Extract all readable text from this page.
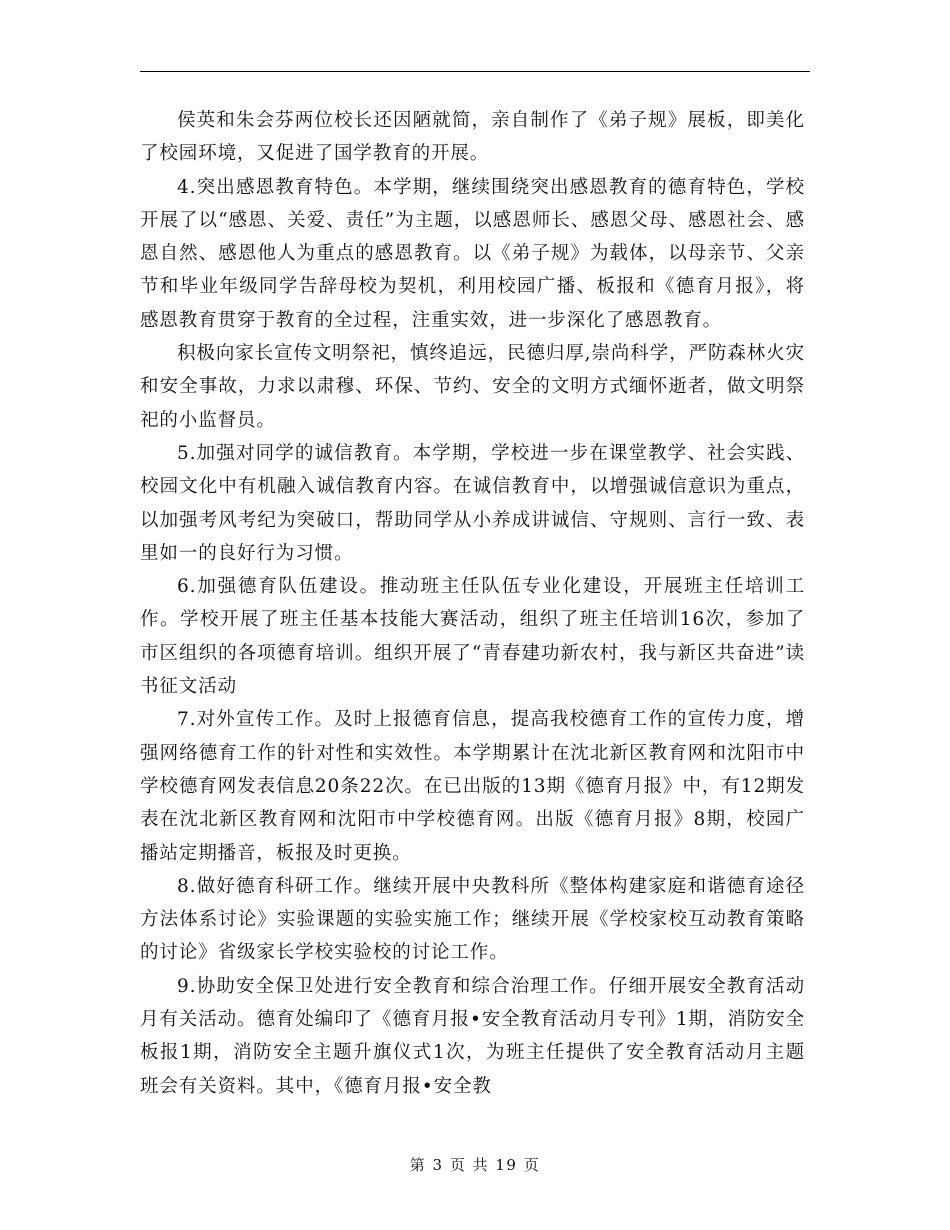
侯英和朱会芬两位校长还因陋就简，亲自制作了《弟子规》展板，即美化了校园环境，又促进了国学教育的开展。

4.突出感恩教育特色。本学期，继续围绕突出感恩教育的德育特色，学校开展了以“感恩、关爱、责任”为主题，以感恩师长、感恩父母、感恩社会、感恩自然、感恩他人为重点的感恩教育。以《弟子规》为载体，以母亲节、父亲节和毕业年级同学告辞母校为契机，利用校园广播、板报和《德育月报》，将感恩教育贯穿于教育的全过程，注重实效，进一步深化了感恩教育。

积极向家长宣传文明祭祀，慎终追远，民德归厚,崇尚科学，严防森林火灾和安全事故，力求以肃穆、环保、节约、安全的文明方式缅怀逝者，做文明祭祀的小监督员。

5.加强对同学的诚信教育。本学期，学校进一步在课堂教学、社会实践、校园文化中有机融入诚信教育内容。在诚信教育中，以增强诚信意识为重点，以加强考风考纪为突破口，帮助同学从小养成讲诚信、守规则、言行一致、表里如一的良好行为习惯。

6.加强德育队伍建设。推动班主任队伍专业化建设，开展班主任培训工作。学校开展了班主任基本技能大赛活动，组织了班主任培训16次，参加了市区组织的各项德育培训。组织开展了“青春建功新农村，我与新区共奋进”读书征文活动

7.对外宣传工作。及时上报德育信息，提高我校德育工作的宣传力度，增强网络德育工作的针对性和实效性。本学期累计在沈北新区教育网和沈阳市中学校德育网发表信息20条22次。在已出版的13期《德育月报》中，有12期发表在沈北新区教育网和沈阳市中学校德育网。出版《德育月报》8期，校园广播站定期播音，板报及时更换。

8.做好德育科研工作。继续开展中央教科所《整体构建家庭和谐德育途径方法体系讨论》实验课题的实验实施工作；继续开展《学校家校互动教育策略的讨论》省级家长学校实验校的讨论工作。

9.协助安全保卫处进行安全教育和综合治理工作。仔细开展安全教育活动月有关活动。德育处编印了《德育月报•安全教育活动月专刊》1期，消防安全板报1期，消防安全主题升旗仪式1次，为班主任提供了安全教育活动月主题班会有关资料。其中，《德育月报•安全教

第 3 页 共 19 页
